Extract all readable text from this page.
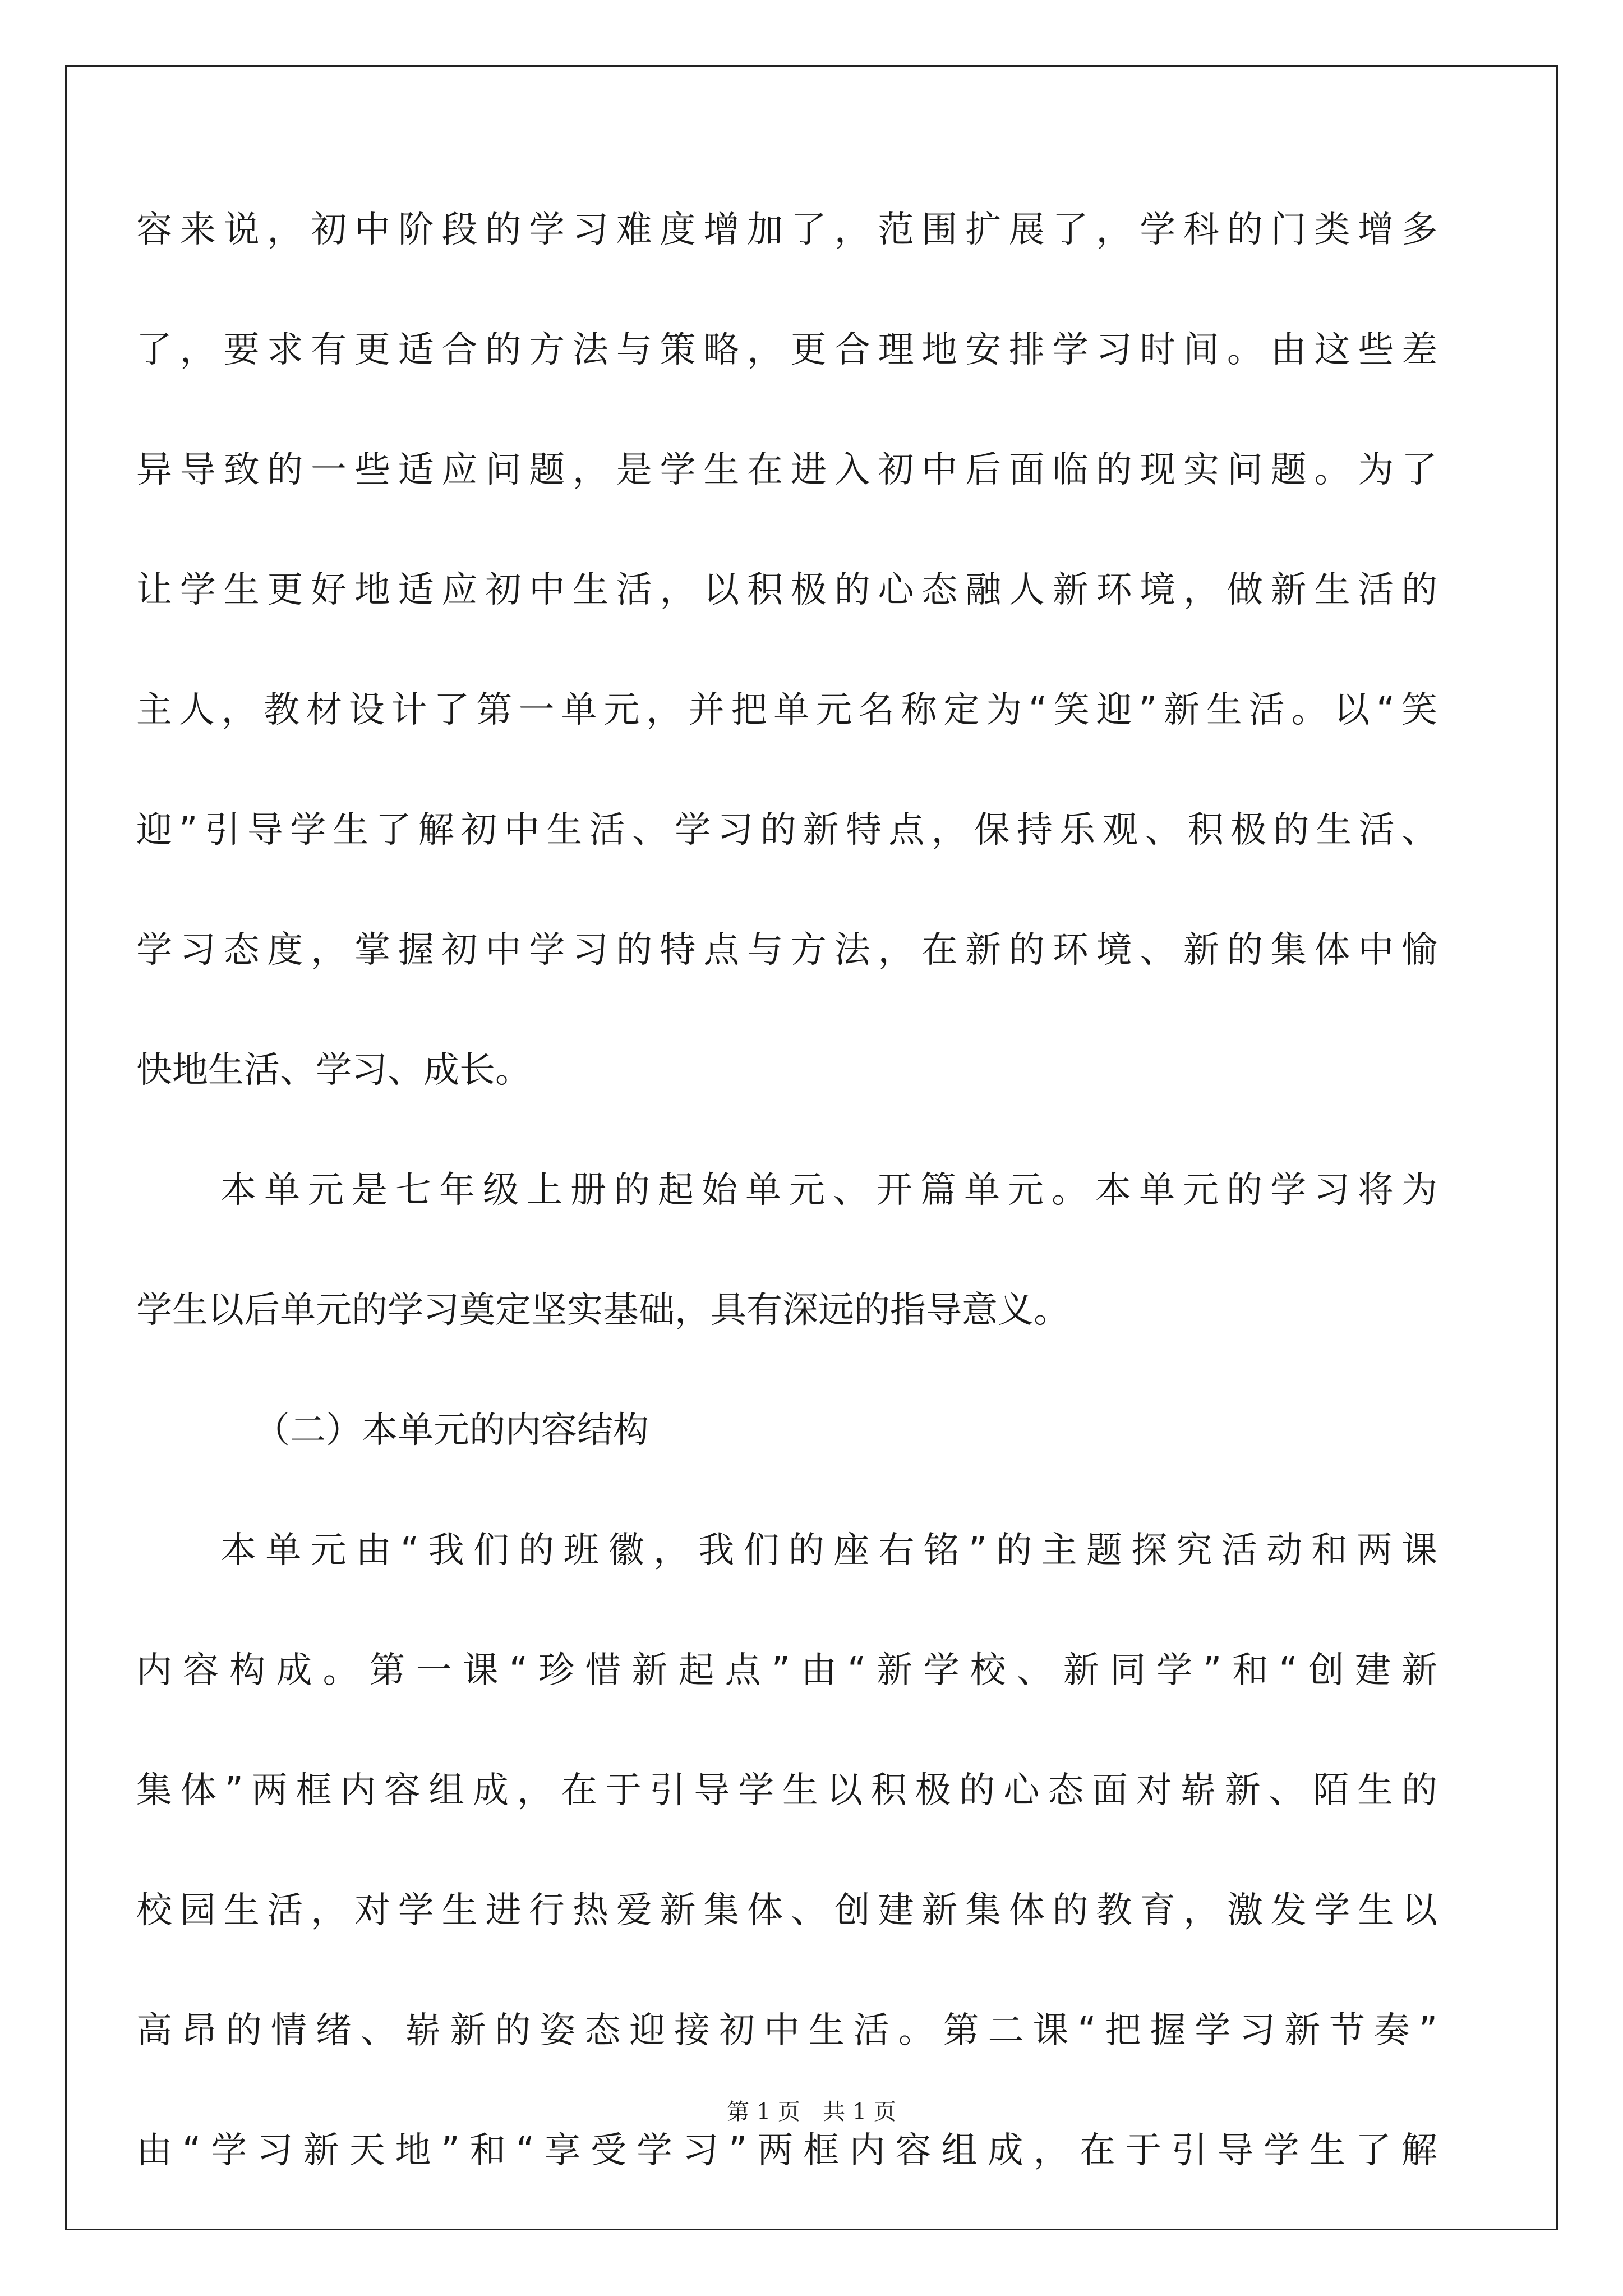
容来说，初中阶段的学习难度增加了，范围扩展了，学科的门类增多
了，要求有更适合的方法与策略，更合理地安排学习时间。由这些差
异导致的一些适应问题，是学生在进入初中后面临的现实问题。为了
让学生更好地适应初中生活，以积极的心态融人新环境，做新生活的
主人，教材设计了第一单元，并把单元名称定为“笑迎”新生活。以“笑
迎”引导学生了解初中生活、学习的新特点，保持乐观、积极的生活、
学习态度，掌握初中学习的特点与方法，在新的环境、新的集体中愉
快地生活、学习、成长。
本单元是七年级上册的起始单元、开篇单元。本单元的学习将为
学生以后单元的学习奠定坚实基础，具有深远的指导意义。
（二）本单元的内容结构
本单元由“我们的班徽，我们的座右铭”的主题探究活动和两课
内容构成。第一课“珍惜新起点”由“新学校、新同学”和“创建新
集体”两框内容组成，在于引导学生以积极的心态面对崭新、陌生的
校园生活，对学生进行热爱新集体、创建新集体的教育，激发学生以
高昂的情绪、崭新的姿态迎接初中生活。第二课“把握学习新节奏”
由“学习新天地”和“享受学习”两框内容组成，在于引导学生了解
第 1 页　共 1 页
